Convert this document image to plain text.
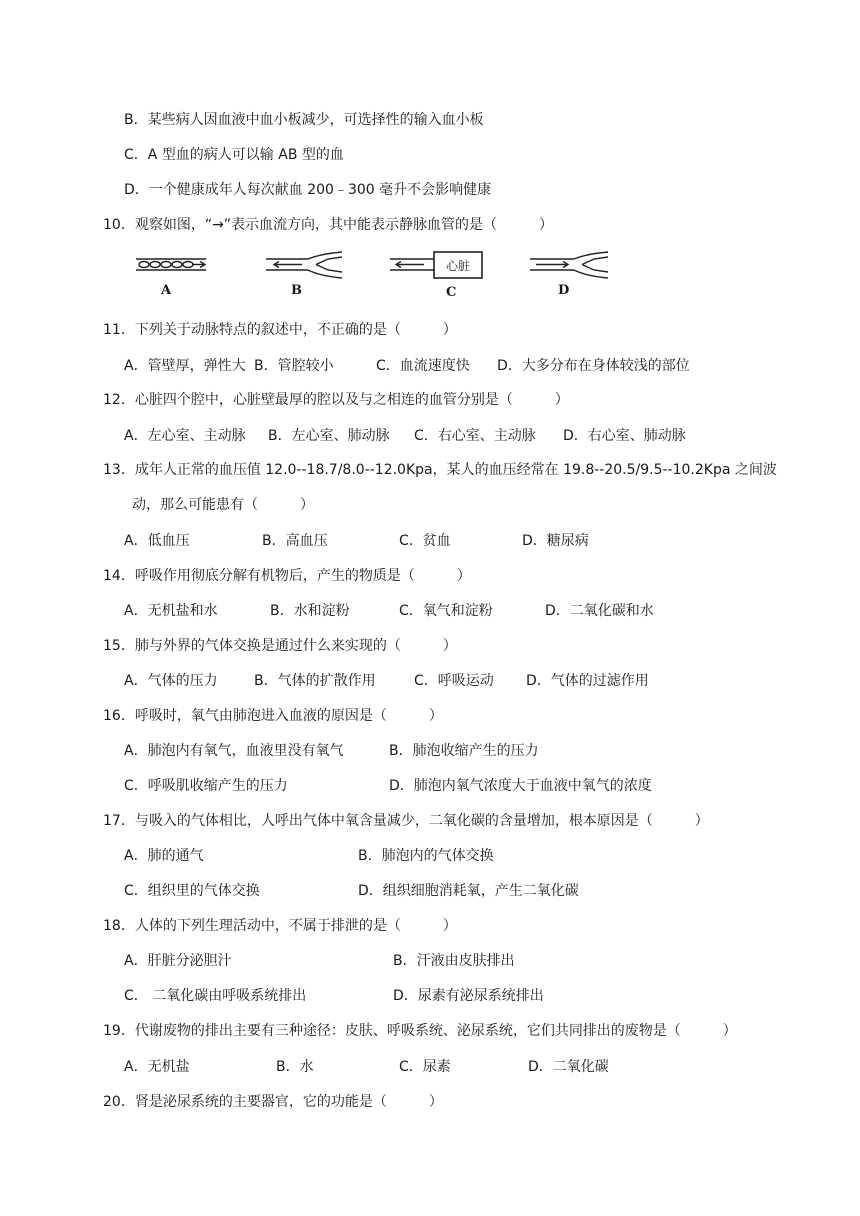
B．某些病人因血液中血小板减少，可选择性的输入血小板
C．A 型血的病人可以输 AB 型的血
D．一个健康成年人每次献血 200﹣300 毫升不会影响健康
10．观察如图，“→”表示血流方向，其中能表示静脉血管的是（　　　）
心脏
A	B	C	D
11．下列关于动脉特点的叙述中，不正确的是（　　　）
A．管壁厚，弹性大 B．管腔较小	C．血流速度快 D．大多分布在身体较浅的部位
12．心脏四个腔中，心脏壁最厚的腔以及与之相连的血管分别是（　　　）
A．左心室、主动脉 B．左心室、肺动脉 C．右心室、主动脉 D．右心室、肺动脉
13．成年人正常的血压值 12.0--18.7/8.0--12.0Kpa，某人的血压经常在 19.8--20.5/9.5--10.2Kpa 之间波
动，那么可能患有（　　　）
A．低血压	B．高血压	C．贫血	D．糖尿病
14．呼吸作用彻底分解有机物后，产生的物质是（　　　）
A．无机盐和水	B．水和淀粉	C．氧气和淀粉	D．二氧化碳和水
15．肺与外界的气体交换是通过什么来实现的（　　　）
A．气体的压力	B．气体的扩散作用	C．呼吸运动 D．气体的过滤作用
16．呼吸时，氧气由肺泡进入血液的原因是（　　　）
A．肺泡内有氧气，血液里没有氧气	B．肺泡收缩产生的压力
C．呼吸肌收缩产生的压力	D．肺泡内氧气浓度大于血液中氧气的浓度
17．与吸入的气体相比，人呼出气体中氧含量减少，二氧化碳的含量增加，根本原因是（　　　）
A．肺的通气	B．肺泡内的气体交换
C．组织里的气体交换	D．组织细胞消耗氧，产生二氧化碳
18．人体的下列生理活动中，不属于排泄的是（　　　）
A．肝脏分泌胆汁	B．汗液由皮肤排出
C． 二氧化碳由呼吸系统排出	D．尿素有泌尿系统排出
19．代谢废物的排出主要有三种途径：皮肤、呼吸系统、泌尿系统，它们共同排出的废物是（　　　）
A．无机盐	B．水	C．尿素	D．二氧化碳
20．肾是泌尿系统的主要器官，它的功能是（　　　）
